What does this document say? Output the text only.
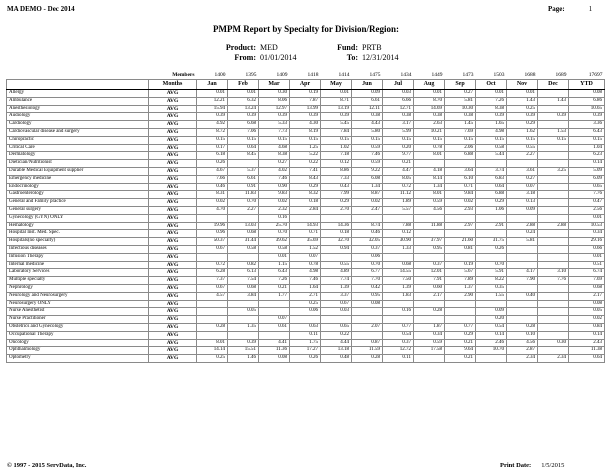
MA DEMO - Dec 2014	Page:	1
PMPM Report by Specialty for Division/Region:
Product: MED	Fund: PRTB
From: 01/01/2014	To: 12/31/2014
	Members	1400	1395	1409	1418	1414	1475	1434	1449	1473	1503	1688	1689	17697
	Months	Jan	Feb	Mar	Apr	May	Jun	Jul	Aug	Sep	Oct	Nov	Dec	YTD
Allergy	AVG	0.01	0.01	0.30	0.19	0.01	0.09	0.03	0.01	0.27	0.01	0.01		0.08
Ambulance	AVG	12.21	6.32	8.06	7.87	8.71	6.61	6.66	8.70	5.81	7.26	1.43	1.43	6.86
Anesthesiology	AVG	15.94	13.24	12.97	13.99	13.19	12.11	12.71	14.69	10.30	8.38	0.25		10.65
Audiology	AVG	0.39	0.39	0.39	0.39	0.39	0.38	0.38	0.38	0.38	0.39	0.39	0.39	0.39
Cardiology	AVG	4.92	6.68	5.33	4.30	5.45	4.43	3.17	2.63	1.45	1.65	0.29		3.36
Cardiovascular disease and surgery	AVG	8.72	7.06	7.73	8.19	7.84	5.80	5.99	10.21	7.69	4.98	1.62	1.53	6.43
Chiropractic	AVG	0.15	0.15	0.15	0.15	0.15	0.15	0.15	0.15	0.15	0.15	0.15	0.15	0.15
Critical Care	AVG	0.17	0.64	4.68	1.25	1.02	0.59	0.20	0.78	2.06	0.58	0.55		1.04
Dermatology	AVG	6.18	8.45	8.38	5.22	7.18	7.46	9.77	8.01	6.88	5.44	2.27		6.23
Dietician/Nutritionist	AVG	0.26		0.27	0.22	0.12	0.59	0.21						0.14
Durable Medical Equipment supplier	AVG	4.67	5.37	4.02	7.41	8.86	9.22	4.47	4.18	3.64	3.74	3.61	3.25	5.09
Emergency medicine	AVG	7.66	6.61	7.46	8.43	7.33	6.08	8.05	8.14	6.10	6.83	0.27		6.09
Endocrinology	AVG	0.46	0.91	0.90	0.29	0.43	1.34	0.72	1.34	0.71	0.64	0.07		0.65
Gastroenterology	AVG	8.31	11.83	9.83	8.32	7.99	8.87	11.12	8.01	9.84	6.88	3.18		7.76
General and Family practice	AVG	0.02	0.70	0.02	0.18	0.29	0.02	1.89	0.59	0.02	0.29	0.13		0.47
General surgery	AVG	4.70	2.27	2.32	2.84	2.70	2.47	5.57	4.56	2.93	1.06	0.09		2.56
Gynecology (GYN) ONLY	AVG			0.16										0.01
Hematology	AVG	19.96	13.03	25.70	14.93	14.36	8.74	7.88	11.88	2.97	2.91	2.88	2.88	10.53
Hospital Inst. Med. Spec.	AVG	0.96	0.68	0.70	0.71	0.18	0.46	0.12				0.24		0.34
Hospitals(no specialty)	AVG	50.37	31.44	39.62	35.69	32.70	32.05	30.90	37.97	21.60	31.75	5.81		29.16
Infectious diseases	AVG	0.67	0.58	0.58	1.52	0.94	0.37	1.33	0.95	0.81	0.26			0.66
Infusion Therapy	AVG			0.01	0.07		0.06							0.01
Internal medicine	AVG	0.72	0.82	1.15	0.78	0.55	0.70	0.68	0.37	0.19	0.70			0.51
Laboratory Services	AVG	6.28	6.13	6.43	4.98	4.89	6.77	14.55	12.01	5.67	5.91	4.17	3.10	6.74
Multiple specialty	AVG	7.37	7.54	7.26	7.46	7.74	7.70	7.50	7.91	7.89	8.22	7.90	7.76	7.69
Nephrology	AVG	0.67	0.68	0.21	1.64	1.39	0.42	1.39	0.60	1.37	0.35			0.68
Neurology and Neurosurgery	AVG	4.57	3.84	1.77	2.71	3.37	0.95	1.83	2.17	2.90	1.55	0.40		2.17
Neurosurgery ONLY	AVG				0.25	0.67	0.08							0.08
Nurse Anesthetist	AVG		0.05		0.06	0.03		0.16	0.28		0.09			0.05
Nurse Practitioner	AVG			0.07							0.20			0.02
Obstetrics and Gynecology	AVG	0.28	1.35	0.61	0.63	0.65	2.07	0.77	1.87	0.77	0.54	0.28		0.84
Occupational Therapy	AVG				0.11	0.22		0.54	0.34	0.29	0.14	0.10		0.14
Oncology	AVG	8.01	0.39	4.41	1.75	4.44	0.87	0.37	0.59	0.21	2.46	4.56	0.30	2.43
Ophthalmology	AVG	14.14	15.51	11.36	17.27	13.18	11.59	12.72	17.58	9.64	10.70	2.87		11.38
Optometry	AVG	0.25	1.46	0.08	0.26	0.48	0.28	0.11		0.21		2.34	2.34	0.64
© 1997 - 2015 ServData, Inc.	Print Date: 1/5/2015
